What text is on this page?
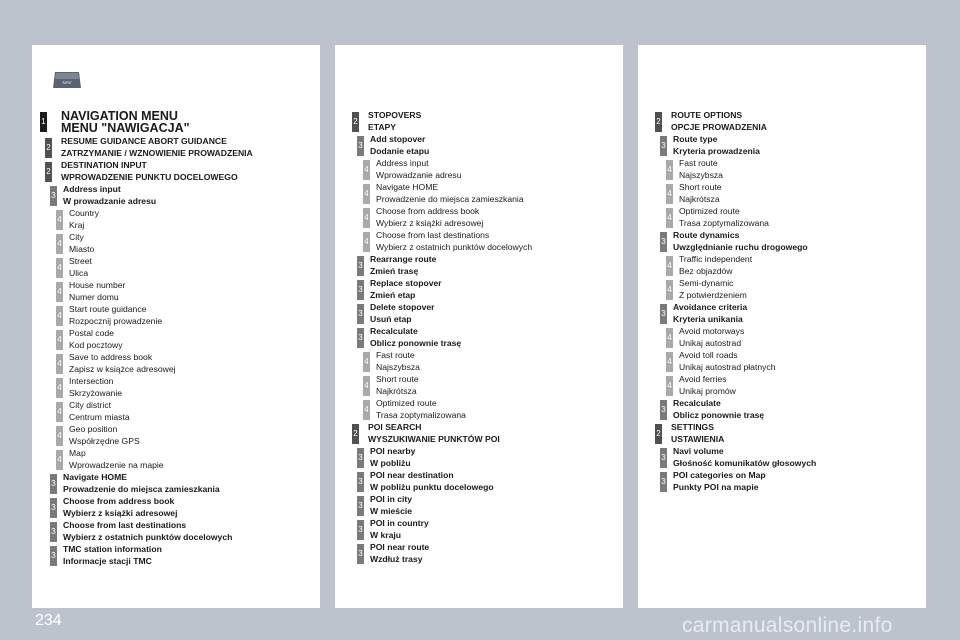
NAV
1 NAVIGATION MENU
MENU "NAWIGACJA"
2
RESUME GUIDANCE ABORT GUIDANCE
ZATRZYMANIE / WZNOWIENIE PROWADZENIA
2
DESTINATION INPUT
WPROWADZENIE PUNKTU DOCELOWEGO
3
Address input
W prowadzanie adresu
4
Country
Kraj
4
City
Miasto
4
Street
Ulica
4
House number
Numer domu
4
Start route guidance
Rozpocznij prowadzenie
4
Postal code
Kod pocztowy
4
Save to address book
Zapisz w książce adresowej
4
Intersection
Skrzyżowanie
4
City district
Centrum miasta
4
Geo position
Współrzędne GPS
4
Map
Wprowadzenie na mapie
3
Navigate HOME
Prowadzenie do miejsca zamieszkania
3
Choose from address book
Wybierz z książki adresowej
3
Choose from last destinations
Wybierz z ostatnich punktów docelowych
3
TMC station information
Informacje stacji TMC
2
STOPOVERS
ETAPY
3
Add stopover
Dodanie etapu
4
Address input
Wprowadzanie adresu
4
Navigate HOME
Prowadzenie do miejsca zamieszkania
4
Choose from address book
Wybierz z książki adresowej
4
Choose from last destinations
Wybierz z ostatnich punktów docelowych
3
Rearrange route
Zmień trasę
3
Replace stopover
Zmień etap
3
Delete stopover
Usuń etap
3
Recalculate
Oblicz ponownie trasę
4
Fast route
Najszybsza
4
Short route
Najkrótsza
4
Optimized route
Trasa zoptymalizowana
2
POI SEARCH
WYSZUKIWANIE PUNKTÓW POI
3
POI nearby
W pobliżu
3
POI near destination
W pobliżu punktu docelowego
3
POI in city
W mieście
3
POI in country
W kraju
3
POI near route
Wzdłuż trasy
2
ROUTE OPTIONS
OPCJE PROWADZENIA
3
Route type
Kryteria prowadzenia
4
Fast route
Najszybsza
4
Short route
Najkrótsza
4
Optimized route
Trasa zoptymalizowana
3
Route dynamics
Uwzględnianie ruchu drogowego
4
Traffic independent
Bez objazdów
4
Semi-dynamic
Z potwierdzeniem
3
Avoidance criteria
Kryteria unikania
4
Avoid motorways
Unikaj autostrad
4
Avoid toll roads
Unikaj autostrad płatnych
4
Avoid ferries
Unikaj promów
3
Recalculate
Oblicz ponownie trasę
2
SETTINGS
USTAWIENIA
3
Navi volume
Głośność komunikatów głosowych
3
POI categories on Map
Punkty POI na mapie
234	carmanualsonline.info
